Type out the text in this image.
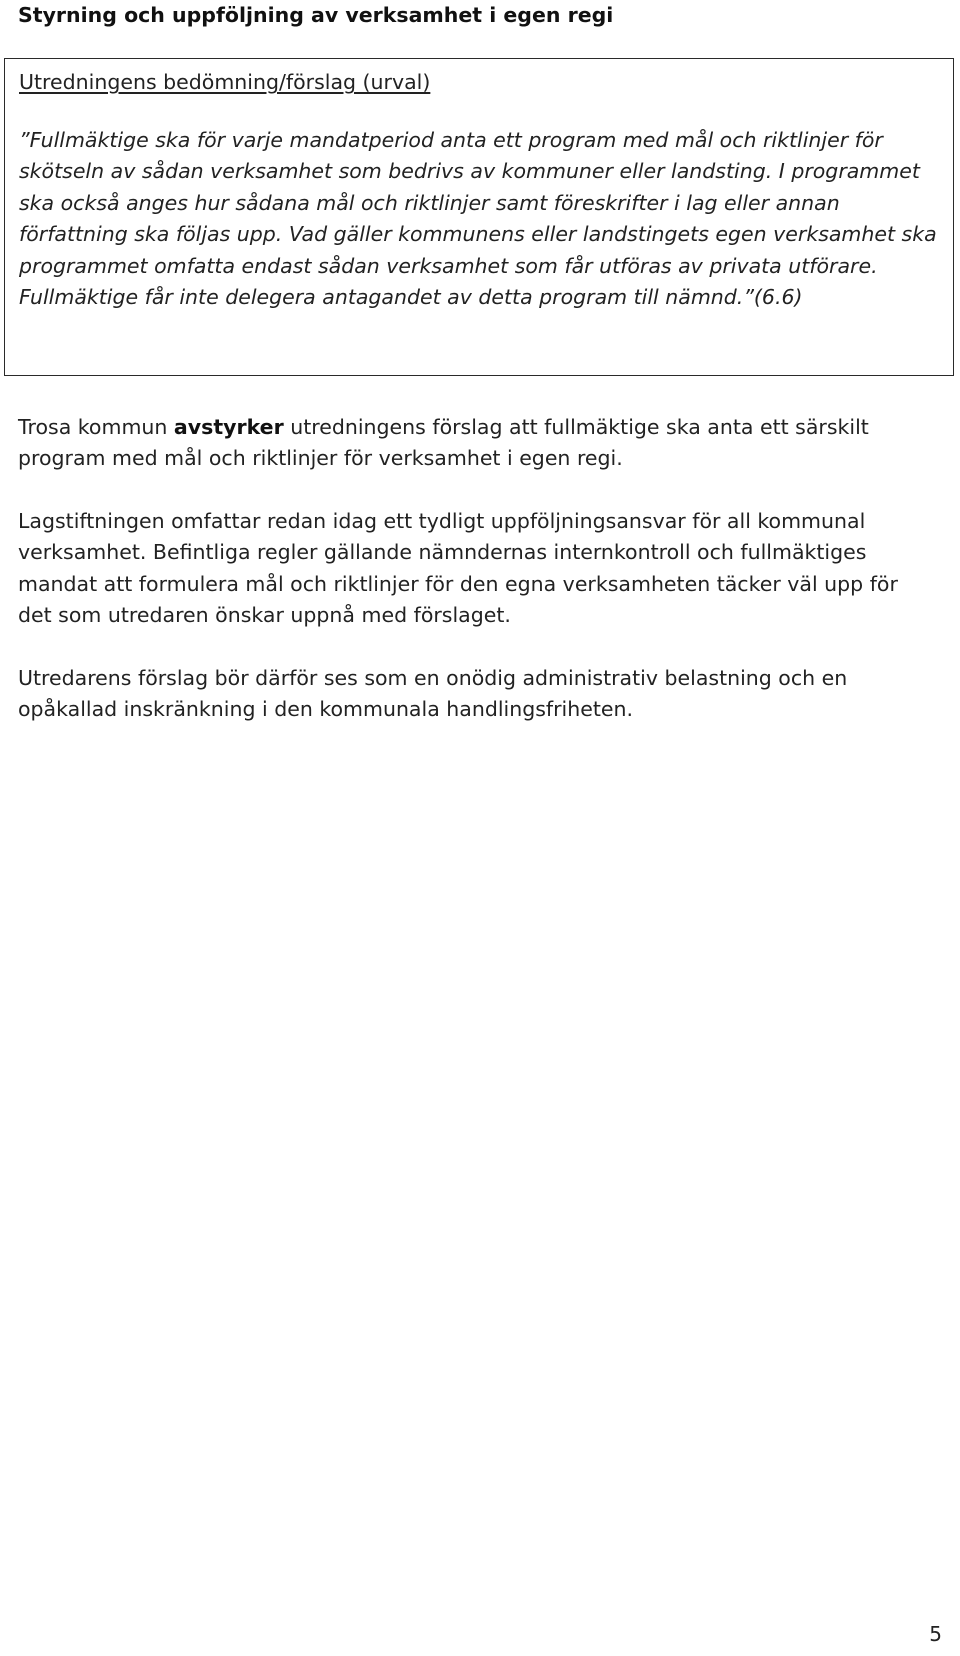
Styrning och uppföljning av verksamhet i egen regi
Utredningens bedömning/förslag (urval)

”Fullmäktige ska för varje mandatperiod anta ett program med mål och riktlinjer för skötseln av sådan verksamhet som bedrivs av kommuner eller landsting. I programmet ska också anges hur sådana mål och riktlinjer samt föreskrifter i lag eller annan författning ska följas upp. Vad gäller kommunens eller landstingets egen verksamhet ska programmet omfatta endast sådan verksamhet som får utföras av privata utförare. Fullmäktige får inte delegera antagandet av detta program till nämnd.”(6.6)

Trosa kommun avstyrker utredningens förslag att fullmäktige ska anta ett särskilt program med mål och riktlinjer för verksamhet i egen regi.

Lagstiftningen omfattar redan idag ett tydligt uppföljningsansvar för all kommunal verksamhet. Befintliga regler gällande nämndernas internkontroll och fullmäktiges mandat att formulera mål och riktlinjer för den egna verksamheten täcker väl upp för det som utredaren önskar uppnå med förslaget.

Utredarens förslag bör därför ses som en onödig administrativ belastning och en opåkallad inskränkning i den kommunala handlingsfriheten.

5
